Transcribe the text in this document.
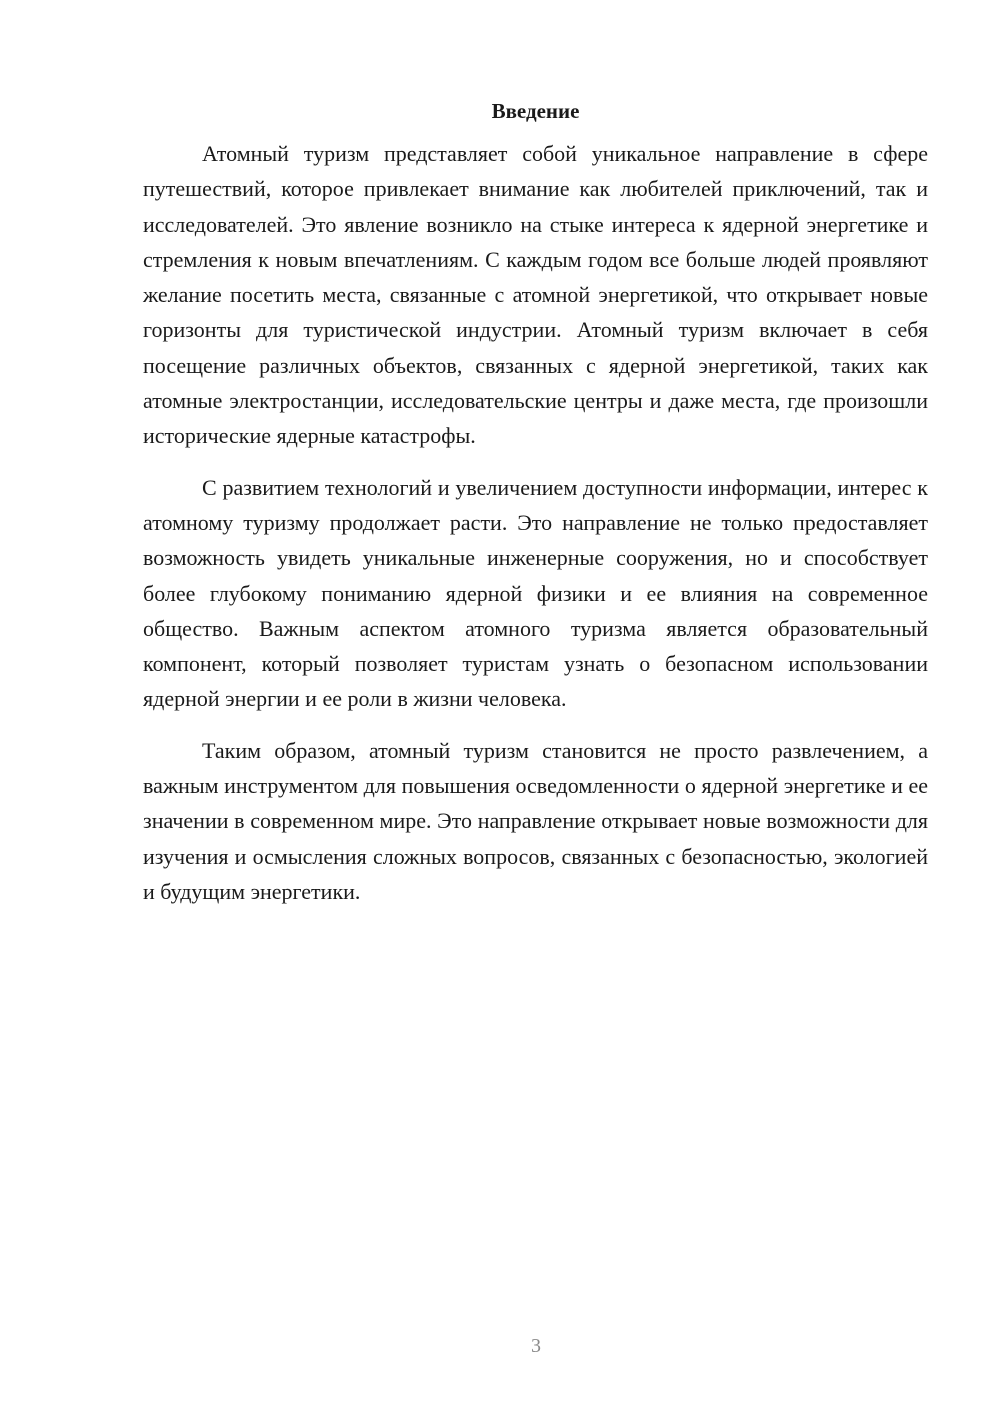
Введение

Атомный туризм представляет собой уникальное направление в сфере путешествий, которое привлекает внимание как любителей приключений, так и исследователей. Это явление возникло на стыке интереса к ядерной энергетике и стремления к новым впечатлениям. С каждым годом все больше людей проявляют желание посетить места, связанные с атомной энергетикой, что открывает новые горизонты для туристической индустрии. Атомный туризм включает в себя посещение различных объектов, связанных с ядерной энергетикой, таких как атомные электростанции, исследовательские центры и даже места, где произошли исторические ядерные катастрофы.

С развитием технологий и увеличением доступности информации, интерес к атомному туризму продолжает расти. Это направление не только предоставляет возможность увидеть уникальные инженерные сооружения, но и способствует более глубокому пониманию ядерной физики и ее влияния на современное общество. Важным аспектом атомного туризма является образовательный компонент, который позволяет туристам узнать о безопасном использовании ядерной энергии и ее роли в жизни человека.

Таким образом, атомный туризм становится не просто развлечением, а важным инструментом для повышения осведомленности о ядерной энергетике и ее значении в современном мире. Это направление открывает новые возможности для изучения и осмысления сложных вопросов, связанных с безопасностью, экологией и будущим энергетики.

3
